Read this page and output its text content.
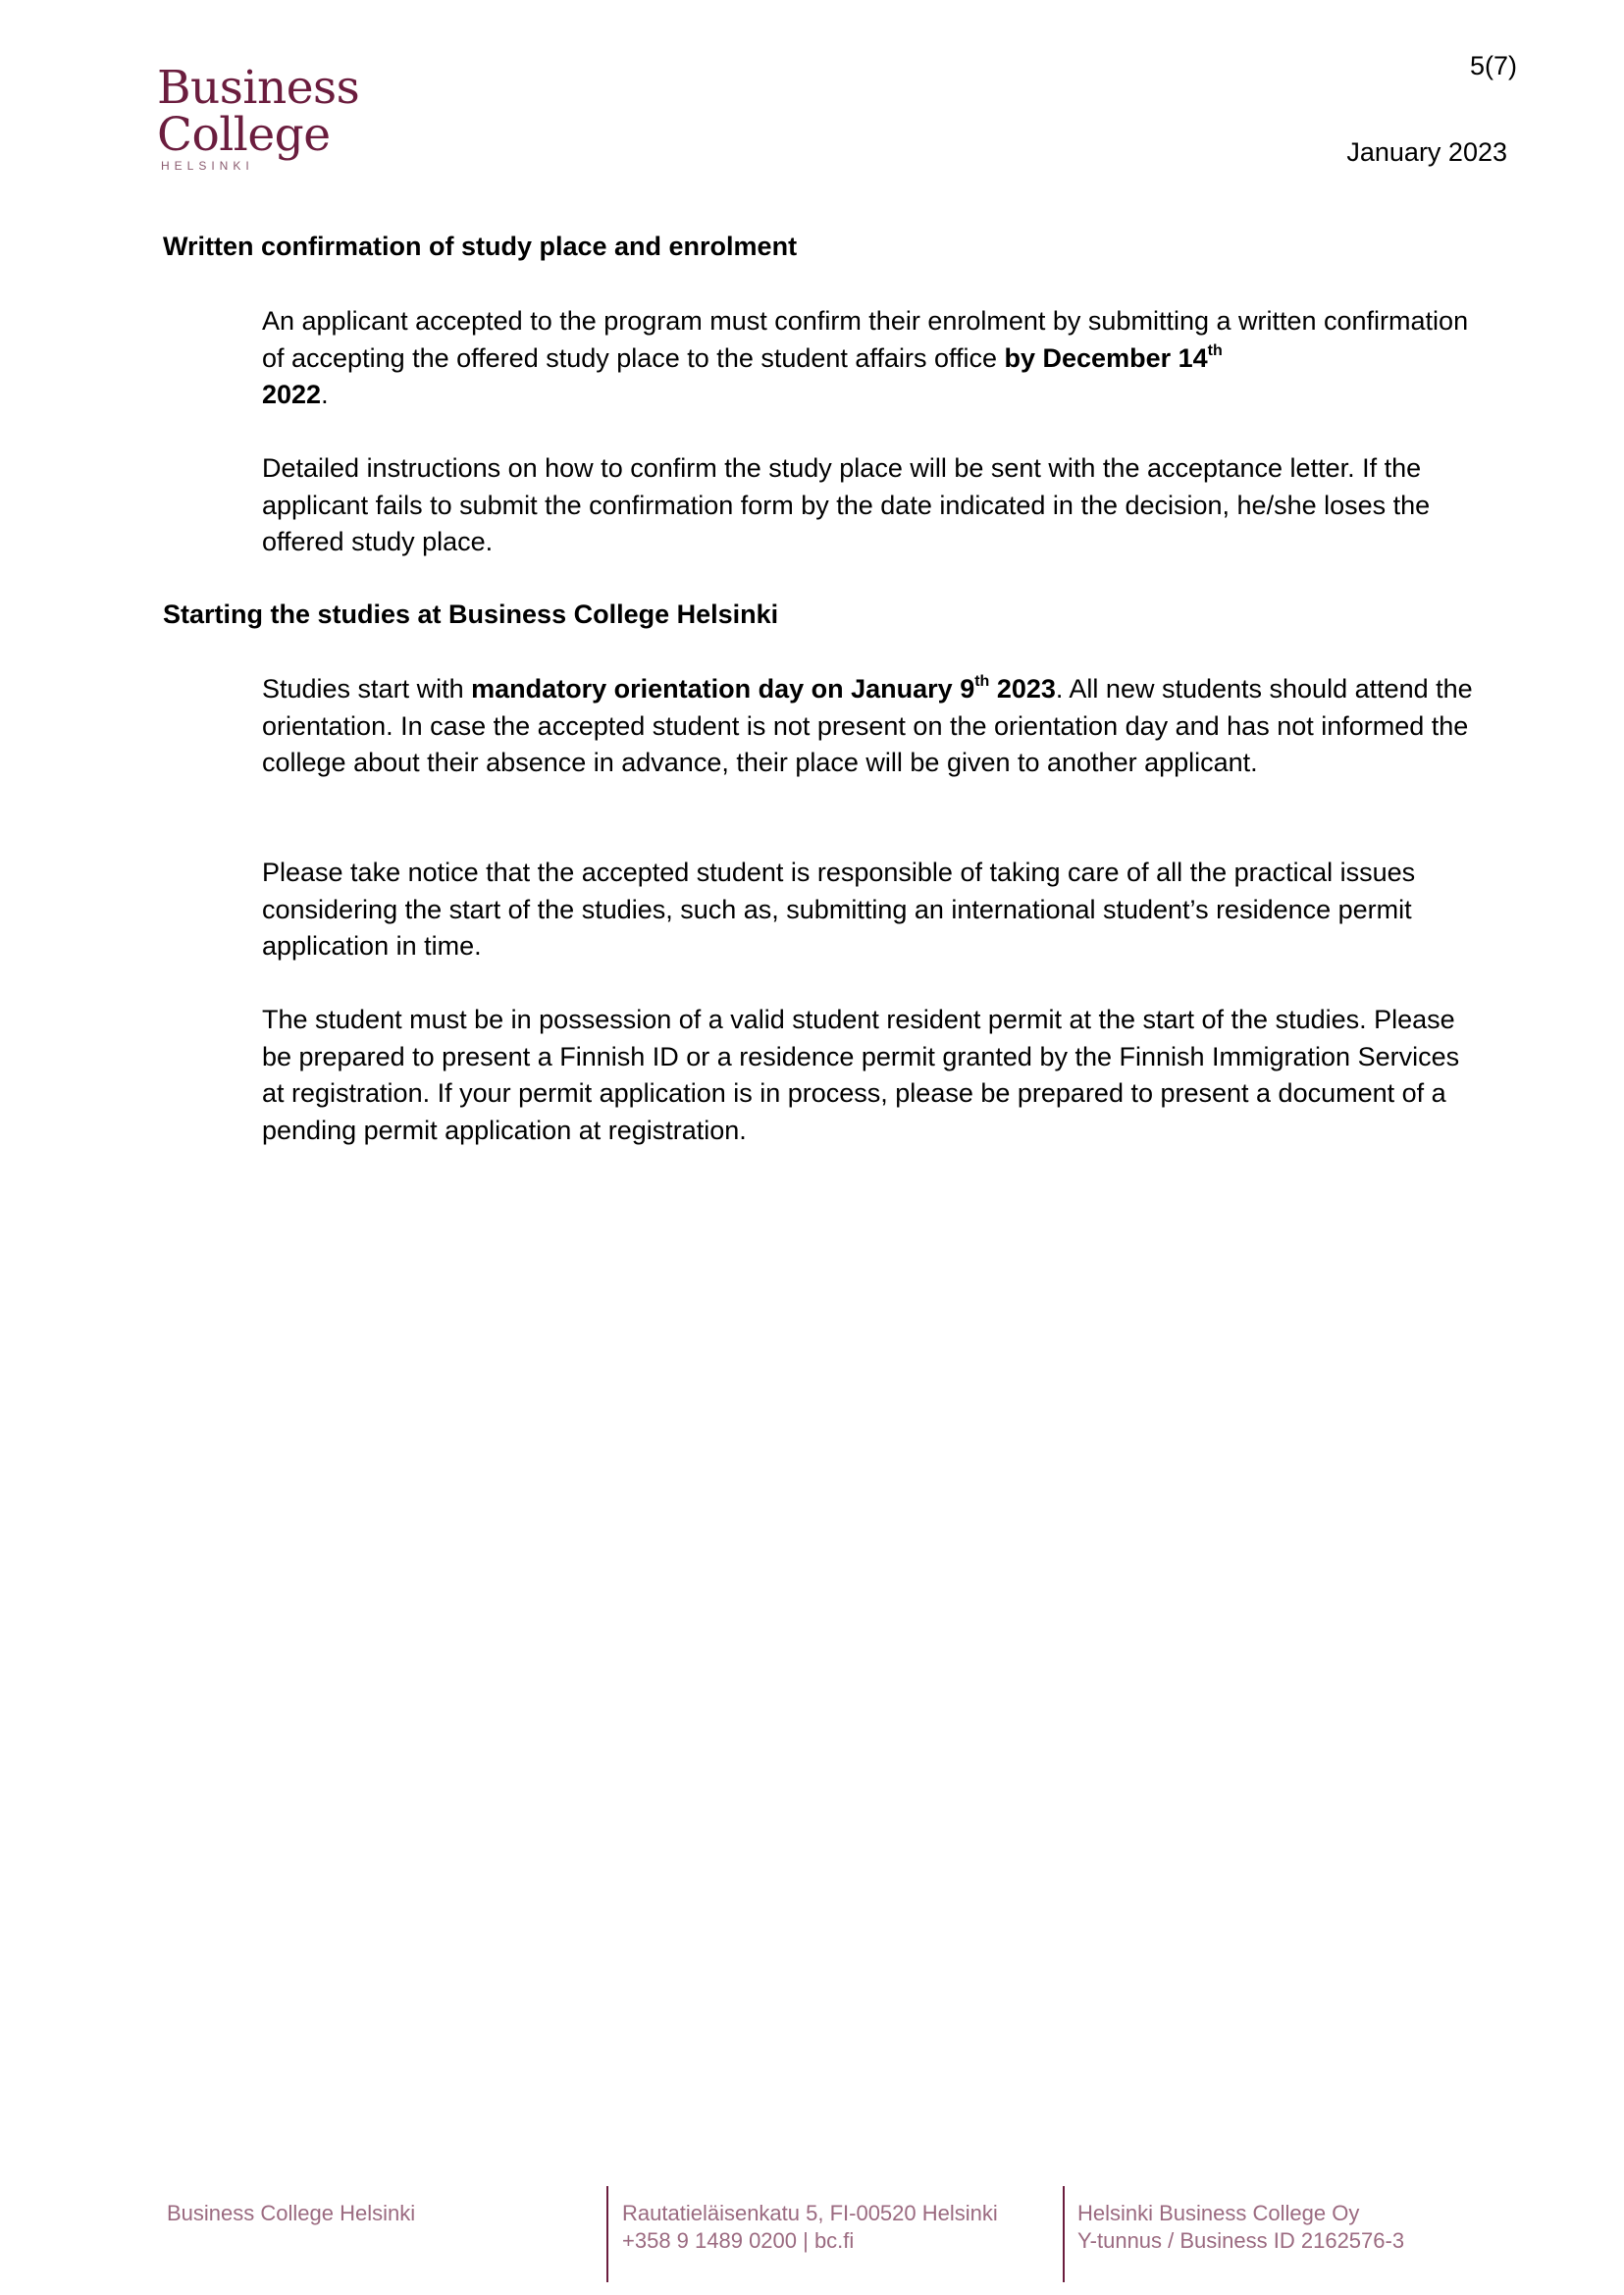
Business
College
HELSINKI
5(7)
January 2023
Written confirmation of study place and enrolment
An applicant accepted to the program must confirm their enrolment by submitting a written confirmation of accepting the offered study place to the student affairs office by December 14th
2022.
Detailed instructions on how to confirm the study place will be sent with the acceptance letter. If the applicant fails to submit the confirmation form by the date indicated in the decision, he/she loses the offered study place.
Starting the studies at Business College Helsinki
Studies start with mandatory orientation day on January 9th 2023. All new students should attend the orientation. In case the accepted student is not present on the orientation day and has not informed the college about their absence in advance, their place will be given to another applicant.
Please take notice that the accepted student is responsible of taking care of all the practical issues considering the start of the studies, such as, submitting an international student’s residence permit application in time.
The student must be in possession of a valid student resident permit at the start of the studies. Please be prepared to present a Finnish ID or a residence permit granted by the Finnish Immigration Services at registration. If your permit application is in process, please be prepared to present a document of a pending permit application at registration.
Business College Helsinki	Rautatieläisenkatu 5, FI-00520 Helsinki
+358 9 1489 0200 | bc.fi
Helsinki Business College Oy
Y-tunnus / Business ID 2162576-3
